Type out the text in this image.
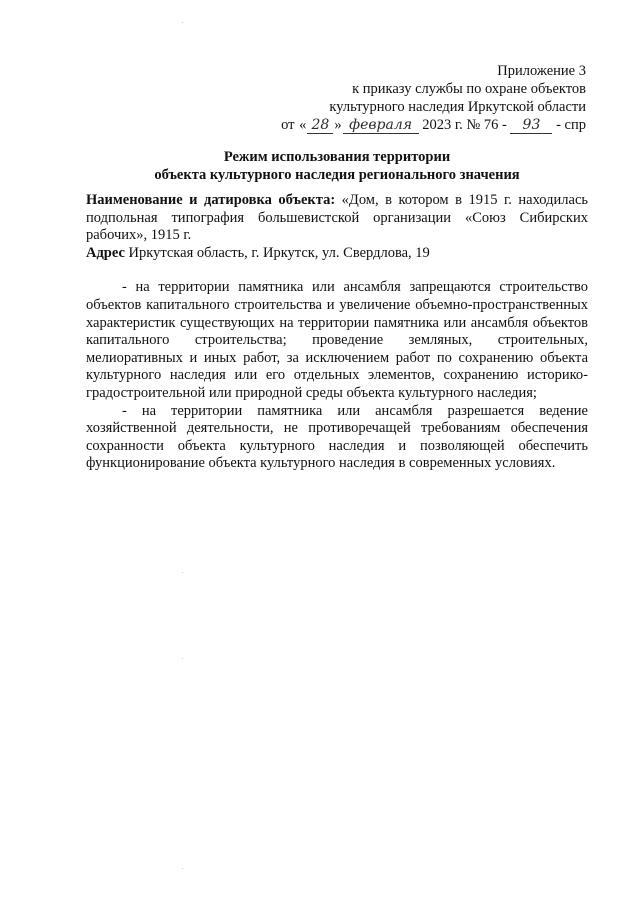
Приложение 3
к приказу службы по охране объектов
культурного наследия Иркутской области
от « 28 » февраля 2023 г. № 76 - 93 - спр
Режим использования территории
объекта культурного наследия регионального значения

Наименование и датировка объекта: «Дом, в котором в 1915 г. находилась подпольная типография большевистской организации «Союз Сибирских рабочих», 1915 г.

Адрес Иркутская область, г. Иркутск, ул. Свердлова, 19

- на территории памятника или ансамбля запрещаются строительство объектов капитального строительства и увеличение объемно-пространственных характеристик существующих на территории памятника или ансамбля объектов капитального строительства; проведение земляных, строительных, мелиоративных и иных работ, за исключением работ по сохранению объекта культурного наследия или его отдельных элементов, сохранению историко-градостроительной или природной среды объекта культурного наследия;

- на территории памятника или ансамбля разрешается ведение хозяйственной деятельности, не противоречащей требованиям обеспечения сохранности объекта культурного наследия и позволяющей обеспечить функционирование объекта культурного наследия в современных условиях.
